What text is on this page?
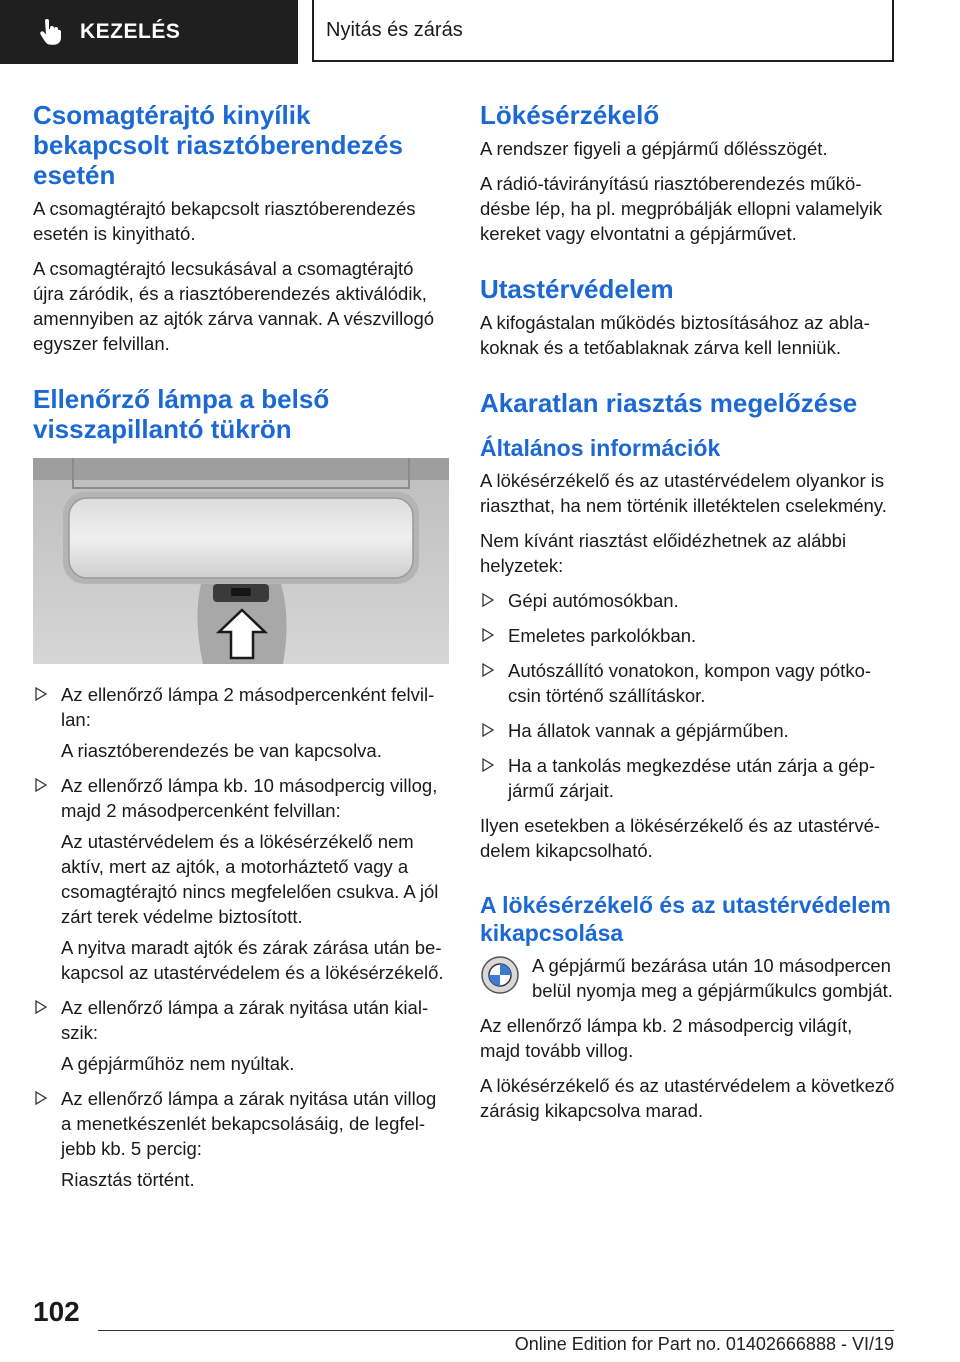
KEZELÉS	Nyitás és zárás
Csomagtérajtó kinyílik bekapcsolt riasztóberendezés esetén

A csomagtérajtó bekapcsolt riasztóberendezés esetén is kinyitható.

A csomagtérajtó lecsukásával a csomagtérajtó újra záródik, és a riasztóberendezés aktiválódik, amennyiben az ajtók zárva vannak. A vészvillogó egyszer felvillan.

Ellenőrző lámpa a belső visszapillantó tükrön

Az ellenőrző lámpa 2 másodpercenként felvillan:

A riasztóberendezés be van kapcsolva.

Az ellenőrző lámpa kb. 10 másodpercig villog, majd 2 másodpercenként felvillan:

Az utastérvédelem és a lökésérzékelő nem aktív, mert az ajtók, a motorháztető vagy a csomagtérajtó nincs megfelelően csukva. A jól zárt terek védelme biztosított.

A nyitva maradt ajtók és zárak zárása után bekapcsol az utastérvédelem és a lökésérzékelő.

Az ellenőrző lámpa a zárak nyitása után kialszik:

A gépjárműhöz nem nyúltak.

Az ellenőrző lámpa a zárak nyitása után villog a menetkészenlét bekapcsolásáig, de legfeljebb kb. 5 percig:

Riasztás történt.

Lökésérzékelő

A rendszer figyeli a gépjármű dőlésszögét.

A rádió-távirányítású riasztóberendezés működésbe lép, ha pl. megpróbálják ellopni valamelyik kereket vagy elvontatni a gépjárművet.

Utastérvédelem

A kifogástalan működés biztosításához az ablakoknak és a tetőablaknak zárva kell lenniük.

Akaratlan riasztás megelőzése
Általános információk

A lökésérzékelő és az utastérvédelem olyankor is riaszthat, ha nem történik illetéktelen cselekmény.

Nem kívánt riasztást előidézhetnek az alábbi helyzetek:

Gépi autómosókban.

Emeletes parkolókban.

Autószállító vonatokon, kompon vagy pótkocsin történő szállításkor.

Ha állatok vannak a gépjárműben.

Ha a tankolás megkezdése után zárja a gépjármű zárjait.

Ilyen esetekben a lökésérzékelő és az utastérvédelem kikapcsolható.

A lökésérzékelő és az utastérvédelem kikapcsolása

A gépjármű bezárása után 10 másodpercen belül nyomja meg a gépjárműkulcs gombját.

Az ellenőrző lámpa kb. 2 másodpercig világít, majd tovább villog.

A lökésérzékelő és az utastérvédelem a következő zárásig kikapcsolva marad.

102
Online Edition for Part no. 01402666888 - VI/19
